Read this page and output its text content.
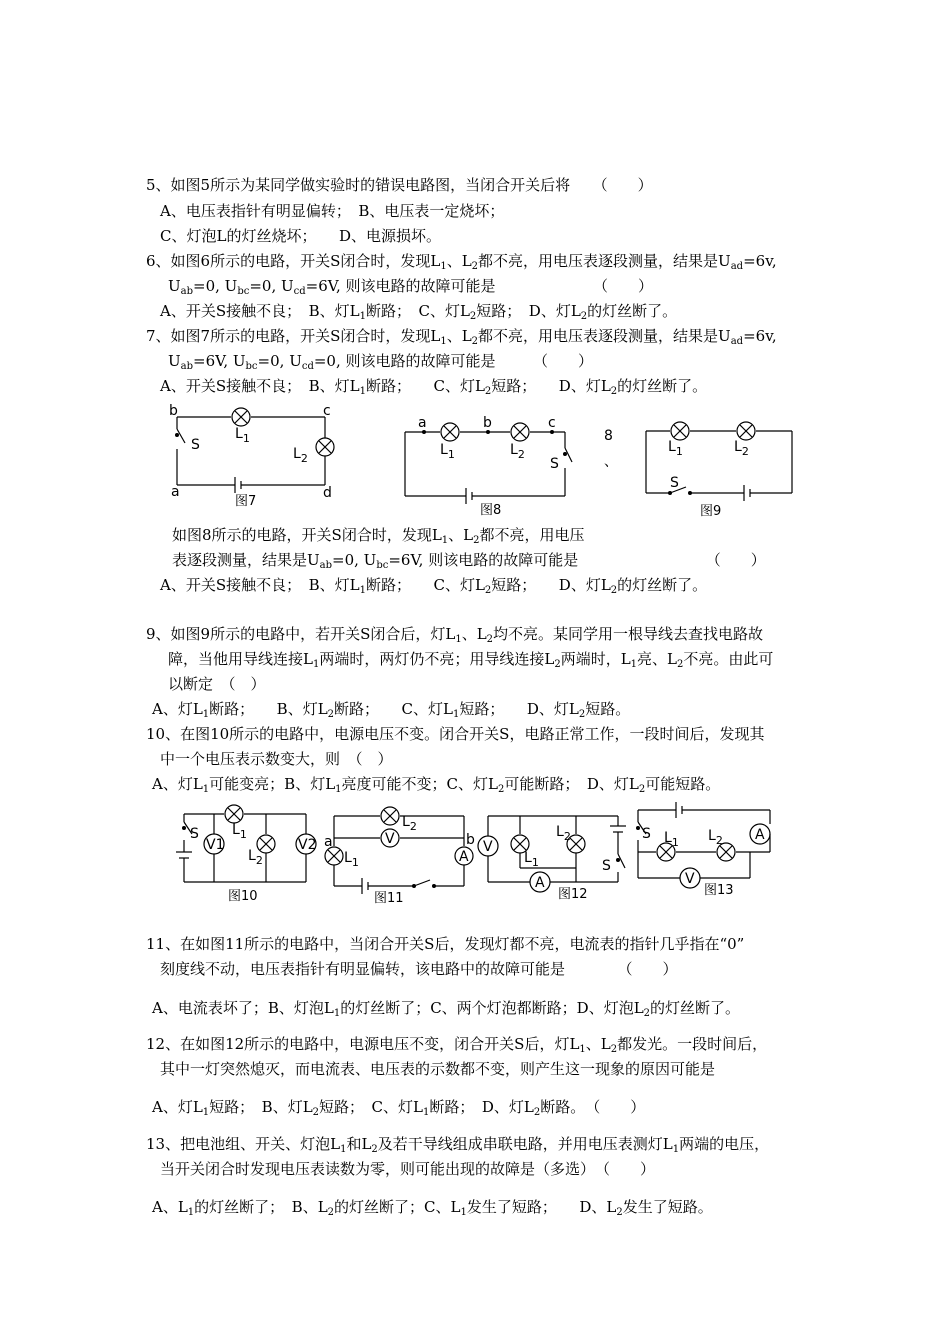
5、如图5所示为某同学做实验时的错误电路图，当闭合开关后将　　（　　）
A、电压表指针有明显偏转；　B、电压表一定烧坏；
C、灯泡L的灯丝烧坏；　　D、电源损坏。
6、如图6所示的电路，开关S闭合时，发现$L_1$、$L_2$都不亮，用电压表逐段测量，结果是$U_{ad}=6v$,
$U_{ab}=0$, $U_{bc}=0$, $U_{cd}=6V$, 则该电路的故障可能是　　　　　　　（　　）
A、开关S接触不良；　B、灯$L_1$断路；　C、灯$L_2$短路；　D、灯$L_2$的灯丝断了。
7、如图7所示的电路，开关S闭合时，发现$L_1$、$L_2$都不亮，用电压表逐段测量，结果是$U_{ad}=6v$,
$U_{ab}=6V$, $U_{bc}=0$, $U_{cd}=0$, 则该电路的故障可能是　　　（　　）
A、开关S接触不良；　B、灯$L_1$断路；　　C、灯$L_2$短路；　　D、灯$L_2$的灯丝断了。
b	c
a	d
S
$L_1$
$L_2$
图7
a	b	c
S
$L_1$	$L_2$
8
、
图8
$L_1$	$L_2$
S
图9
如图8所示的电路，开关S闭合时，发现$L_1$、$L_2$都不亮，用电压
表逐段测量，结果是$U_{ab}=0$, $U_{bc}=6V$, 则该电路的故障可能是　　　　　　　　　（　　）
A、开关S接触不良；　B、灯$L_1$断路；　　C、灯$L_2$短路；　　D、灯$L_2$的灯丝断了。
9、如图9所示的电路中，若开关S闭合后，灯$L_1$、$L_2$均不亮。某同学用一根导线去查找电路故
障，当他用导线连接$L_1$两端时，两灯仍不亮；用导线连接$L_2$两端时，$L_1$亮、$L_2$不亮。由此可
以断定　（　）
A、灯$L_1$断路；　　B、灯$L_2$断路；　　C、灯$L_1$短路；　　D、灯$L_2$短路。
10、在图10所示的电路中，电源电压不变。闭合开关S，电路正常工作，一段时间后，发现其
中一个电压表示数变大，则　（　）
A、灯$L_1$可能变亮；B、灯$L_1$亮度可能不变；C、灯$L_2$可能断路；　D、灯$L_2$可能短路。
S $L_1$
$L_2$
V1	V2
图10
a	b
$L_1$
$L_2$
V
A
图11
$L_1$
$L_2$
V
A
S
图12
S $L_1$ $L_2$ A
V
图13
11、在如图11所示的电路中，当闭合开关S后，发现灯都不亮，电流表的指针几乎指在“0”
刻度线不动，电压表指针有明显偏转，该电路中的故障可能是　　　　（　　）
A、电流表坏了；B、灯泡$L_1$的灯丝断了；C、两个灯泡都断路；D、灯泡$L_2$的灯丝断了。
12、在如图12所示的电路中，电源电压不变，闭合开关S后，灯$L_1$、$L_2$都发光。一段时间后，
其中一灯突然熄灭，而电流表、电压表的示数都不变，则产生这一现象的原因可能是
A、灯$L_1$短路；　B、灯$L_2$短路；　C、灯$L_1$断路；　D、灯$L_2$断路。　（　　）
13、把电池组、开关、灯泡$L_1$和$L_2$及若干导线组成串联电路，并用电压表测灯$L_1$两端的电压，
当开关闭合时发现电压表读数为零，则可能出现的故障是（多选）　（　　）
A、$L_1$的灯丝断了；　B、$L_2$的灯丝断了；C、$L_1$发生了短路；　　D、$L_2$发生了短路。
